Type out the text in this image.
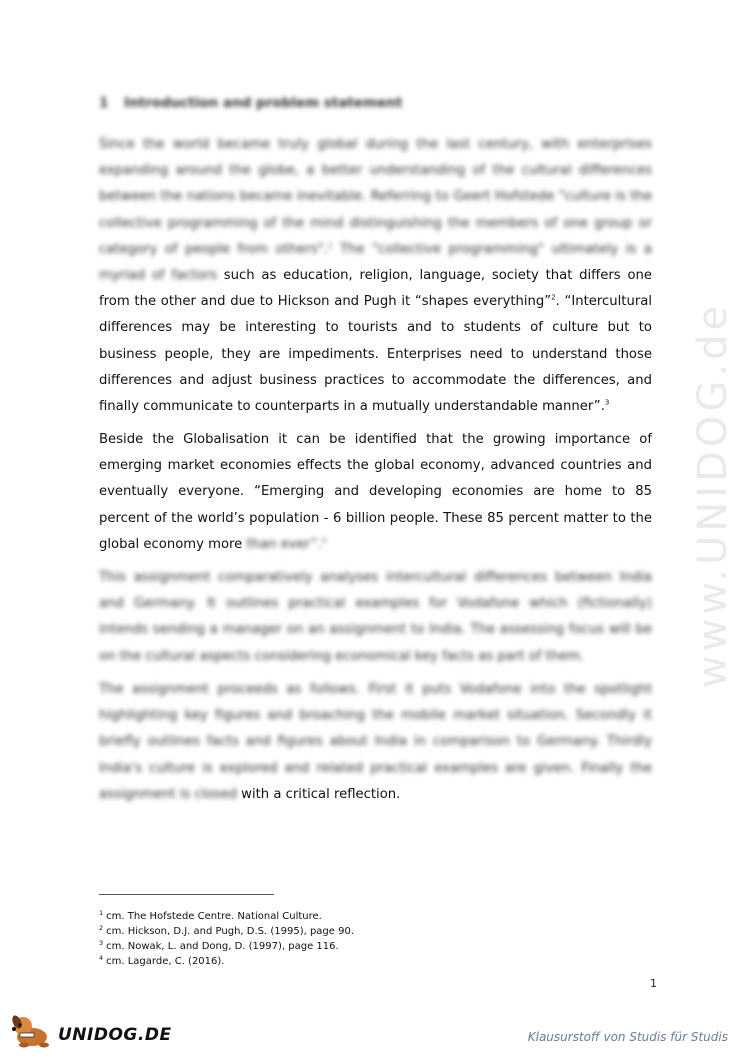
www.UNIDOG.de
1 Introduction and problem statement

Since the world became truly global during the last century, with enterprises expanding around the globe, a better understanding of the cultural differences between the nations became inevitable. Referring to Geert Hofstede "culture is the collective programming of the mind distinguishing the members of one group or category of people from others".$^1$ The "collective programming" ultimately is a myriad of factors such as education, religion, language, society that differs one from the other and due to Hickson and Pugh it “shapes everything”$^2$. “Intercultural differences may be interesting to tourists and to students of culture but to business people, they are impediments. Enterprises need to understand those differences and adjust business practices to accommodate the differences, and finally communicate to counterparts in a mutually understandable manner”.$^3$

Beside the Globalisation it can be identified that the growing importance of emerging market economies effects the global economy, advanced countries and eventually everyone. “Emerging and developing economies are home to 85 percent of the world’s population - 6 billion people. These 85 percent matter to the global economy more than ever”.$^4$

This assignment comparatively analyses intercultural differences between India and Germany. It outlines practical examples for Vodafone which (fictionally) intends sending a manager on an assignment to India. The assessing focus will be on the cultural aspects considering economical key facts as part of them.

The assignment proceeds as follows. First it puts Vodafone into the spotlight highlighting key figures and broaching the mobile market situation. Secondly it briefly outlines facts and figures about India in comparison to Germany. Thirdly India's culture is explored and related practical examples are given. Finally the assignment is closed with a critical reflection.

$^1$ cm. The Hofstede Centre. National Culture.
$^2$ cm. Hickson, D.J. and Pugh, D.S. (1995), page 90.
$^3$ cm. Nowak, L. and Dong, D. (1997), page 116.
$^4$ cm. Lagarde, C. (2016).
1
UNIDOG.DE	Klausurstoff von Studis für Studis
